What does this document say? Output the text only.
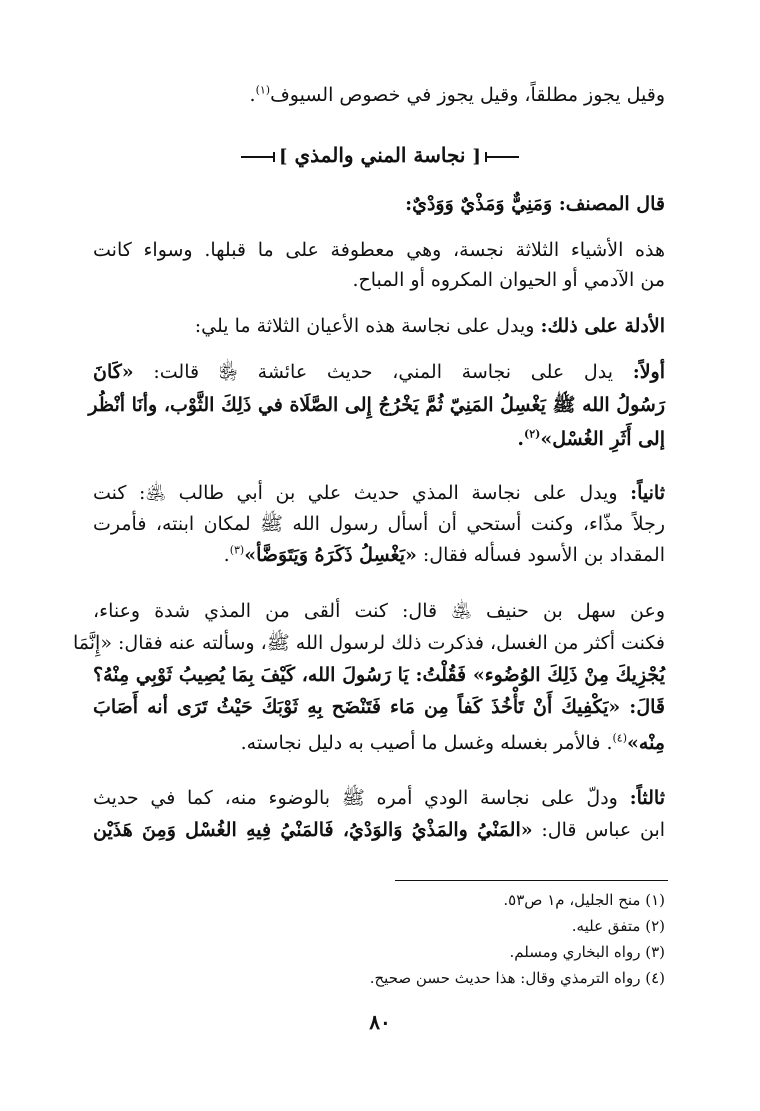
وقيل يجوز مطلقاً، وقيل يجوز في خصوص السيوف$^{(١)}$.
[ نجاسة المني والمذي ]
قال المصنف: وَمَنِيٌّ وَمَذْيٌ وَوَدْيٌ:
هذه الأشياء الثلاثة نجسة، وهي معطوفة على ما قبلها. وسواء كانت
من الآدمي أو الحيوان المكروه أو المباح.
الأدلة على ذلك: ويدل على نجاسة هذه الأعيان الثلاثة ما يلي:
أولاً: يدل على نجاسة المني، حديث عائشة ﵂ قالت: «كَانَ
رَسُولُ الله ﷺ يَغْسِلُ المَنِيّ ثُمَّ يَخْرُجُ إِلى الصَّلَاة في ذَلِكَ الثَّوْب، وأنَا أنْظُر
إلى أَثَرِ الغُسْل»$^{(٢)}$.
ثانياً: ويدل على نجاسة المذي حديث علي بن أبي طالب ﵁: كنت
رجلاً مذّاء، وكنت أستحي أن أسأل رسول الله ﷺ لمكان ابنته، فأمرت
المقداد بن الأسود فسأله فقال: «يَغْسِلُ ذَكَرَهُ وَيَتَوَضَّأ»$^{(٣)}$.
وعن سهل بن حنيف ﵁ قال: كنت ألقى من المذي شدة وعناء،
فكنت أكثر من الغسل، فذكرت ذلك لرسول الله ﷺ، وسألته عنه فقال: «إِنَّمَا
يُجْزِيكَ مِنْ ذَلِكَ الوُضُوء» فَقُلْتُ: يَا رَسُولَ الله، كَيْفَ بِمَا يُصِيبُ ثَوْبِي مِنْهُ؟
قَالَ: «يَكْفِيكَ أَنْ تَأْخُذَ كَفاً مِن مَاء فَتَنْضَح بِهِ ثَوْبَكَ حَيْثُ تَرَى أنه أَصَابَ
مِنْه»$^{(٤)}$. فالأمر بغسله وغسل ما أصيب به دليل نجاسته.
ثالثاً: ودلّ على نجاسة الودي أمره ﷺ بالوضوء منه، كما في حديث
ابن عباس قال: «المَنْيُ والمَذْيُ وَالوَدْيُ، فَالمَنْيُ فِيهِ الغُسْل وَمِنَ هَذَيْن
(١) منح الجليل، م١ ص٥٣.
(٢) متفق عليه.
(٣) رواه البخاري ومسلم.
(٤) رواه الترمذي وقال: هذا حديث حسن صحيح.
٨٠
